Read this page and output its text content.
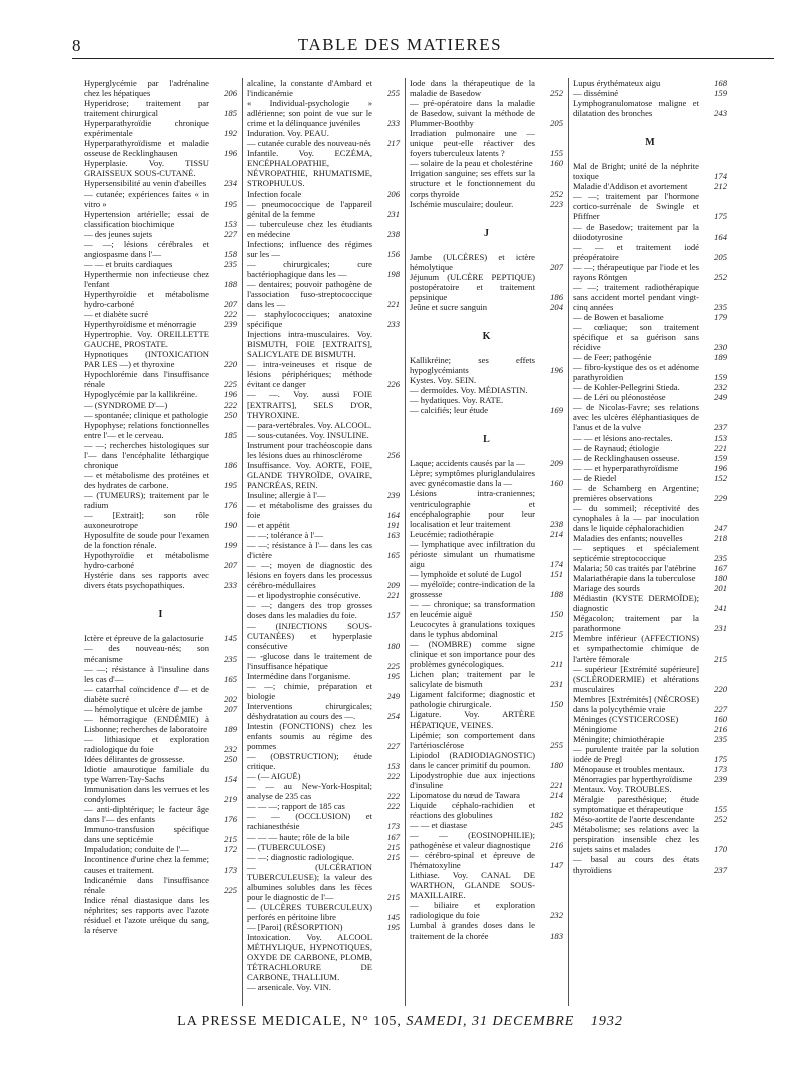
8	TABLE DES MATIERES
Hyperglycémie par l'adrénaline chez les hépatiques	206
Hyperidrose; traitement par traitement chirurgical	185
Hyperparathyroïdie chronique expérimentale	192
Hyperparathyroïdisme et maladie osseuse de Recklinghausen	196
Hyperplasie. Voy. TISSU GRAISSEUX SOUS-CUTANÉ.
Hypersensibilité au venin d'abeilles	234
— cutanée; expériences faites « in vitro »	195
Hypertension artérielle; essai de classification biochimique	153
— des jeunes sujets	227
— —; lésions cérébrales et angiospasme dans l'—	158
— — et bruits cardiaques	235
Hyperthermie non infectieuse chez l'enfant	188
Hyperthyroïdie et métabolisme hydro-carboné	207
— et diabète sucré	222
Hyperthyroïdisme et ménorragie	239
Hypertrophie. Voy. OREILLETTE GAUCHE, PROSTATE.
Hypnotiques (INTOXICATION PAR LES —) et thyroxine	220
Hypochlorémie dans l'insuffisance rénale	225
Hypoglycémie par la kallikréine.	196
— (SYNDROME D'—)	222
— spontanée; clinique et pathologie	250
Hypophyse; relations fonctionnelles entre l'— et le cerveau.	185
— —; recherches histologiques sur l'— dans l'encéphalite léthargique chronique	186
— et métabolisme des protéines et des hydrates de carbone.	195
— (TUMEURS); traitement par le radium	176
— [Extrait]; son rôle auxoneurotrope	190
Hyposulfite de soude pour l'examen de la fonction rénale.	199
Hypothyroïdie et métabolisme hydro-carboné	207
Hystérie dans ses rapports avec divers états psychopathiques.	233
I
Ictère et épreuve de la galactosurie	145
— des nouveau-nés; son mécanisme	235
— —; résistance à l'insuline dans les cas d'—	165
— catarrhal coïncidence d'— et de diabète sucré	202
— hémolytique et ulcère de jambe	207
— hémorragique (ENDÉMIE) à Lisbonne; recherches de laboratoire	189
— lithiasique et exploration radiologique du foie	232
Idées délirantes de grossesse.	250
Idiotie amaurotique familiale du type Warren-Tay-Sachs	154
Immunisation dans les verrues et les condylomes	219
— anti-diphtérique; le facteur âge dans l'— des enfants	176
Immuno-transfusion spécifique dans une septicémie	215
Impaludation; conduite de l'—	172
Incontinence d'urine chez la femme; causes et traitement.	173
Indicanémie dans l'insuffisance rénale	225
Indice rénal diastasique dans les néphrites; ses rapports avec l'azote résiduel et l'azote uréique du sang, la réserve
alcaline, la constante d'Ambard et l'indicanémie	255
« Individual-psychologie » adlérienne; son point de vue sur le crime et la délinquance juvéniles	233
Induration. Voy. PEAU.
— cutanée curable des nouveau-nés	217
Infantile. Voy. ECZÉMA, ENCÉPHALOPATHIE, NÉVROPATHIE, RHUMATISME, STROPHULUS.
Infection focale	206
— pneumococcique de l'appareil génital de la femme	231
— tuberculeuse chez les étudiants en médecine	238
Infections; influence des régimes sur les —	156
— chirurgicales; cure bactériophagique dans les —	198
— dentaires; pouvoir pathogène de l'association fuso-streptococcique dans les —	221
— staphylococciques; anatoxine spécifique	233
Injections intra-musculaires. Voy. BISMUTH, FOIE [EXTRAITS], SALICYLATE DE BISMUTH.
— intra-veineuses et risque de lésions périphériques; méthode évitant ce danger	226
— —. Voy. aussi FOIE [EXTRAITS], SELS D'OR, THYROXINE.
— para-vertébrales. Voy. ALCOOL.
— sous-cutanées. Voy. INSULINE.
Instrument pour trachéoscopie dans les lésions dues au rhinosclérome	256
Insuffisance. Voy. AORTE, FOIE, GLANDE THYROÏDE, OVAIRE, PANCRÉAS, REIN.
Insuline; allergie à l'—	239
— et métabolisme des graisses du foie	164
— et appétit	191
— —; tolérance à l'—	163
— —; résistance à l'— dans les cas d'ictère	165
— —; moyen de diagnostic des lésions en foyers dans les processus cérébro-médullaires	209
— et lipodystrophie consécutive.	221
— —; dangers des trop grosses doses dans les maladies du foie.	157
— (INJECTIONS SOUS-CUTANÉES) et hyperplasie consécutive	180
— -glucose dans le traitement de l'insuffisance hépatique	225
Intermédine dans l'organisme.	195
— —; chimie, préparation et biologie	249
Interventions chirurgicales; déshydratation au cours des —.	254
Intestin (FONCTIONS) chez les enfants soumis au régime des pommes	227
— (OBSTRUCTION); étude critique.	153
— (— AIGUË)	222
— — au New-York-Hospital; analyse de 235 cas	222
— — —; rapport de 185 cas	222
— — (OCCLUSION) et rachianesthésie	173
— — — haute; rôle de la bile	167
— (TUBERCULOSE)	215
— —; diagnostic radiologique.	215
— (ULCÉRATION TUBERCULEUSE); la valeur des albumines solubles dans les fèces pour le diagnostic de l'—	215
— (ULCÈRES TUBERCULEUX) perforés en péritoine libre	145
— [Paroi] (RÉSORPTION)	195
Intoxication. Voy. ALCOOL MÉTHYLIQUE, HYPNOTIQUES, OXYDE DE CARBONE, PLOMB, TÉTRACHLORURE DE CARBONE, THALLIUM.
— arsenicale. Voy. VIN.
Iode dans la thérapeutique de la maladie de Basedow	252
— pré-opératoire dans la maladie de Basedow, suivant la méthode de Plummer-Boothby	205
Irradiation pulmonaire une — unique peut-elle réactiver des foyers tuberculeux latents ?	155
— solaire de la peau et cholestérine	160
Irrigation sanguine; ses effets sur la structure et le fonctionnement du corps thyroïde	252
Ischémie musculaire; douleur.	223
J
Jambe (ULCÈRES) et ictère hémolytique	207
Jéjunum (ULCÈRE PEPTIQUE) postopératoire et traitement pepsinique	186
Jeûne et sucre sanguin	204
K
Kallikréine; ses effets hypoglycémiants	196
Kystes. Voy. SEIN.
— dermoïdes. Voy. MÉDIASTIN.
— hydatiques. Voy. RATE.
— calcifiés; leur étude	169
L
Laque; accidents causés par la —	209
Lèpre; symptômes pluriglandulaires avec gynécomastie dans la —	160
Lésions intra-craniennes; ventriculographie et encéphalographie pour leur localisation et leur traitement	238
Leucémie; radiothérapie	214
— lymphatique avec infiltration du périoste simulant un rhumatisme aigu	174
— lymphoïde et soluté de Lugol	151
— myéloïde; contre-indication de la grossesse	188
— — chronique; sa transformation en leucémie aiguë	150
Leucocytes à granulations toxiques dans le typhus abdominal	215
— (NOMBRE) comme signe clinique et son importance pour des problèmes gynécologiques.	211
Lichen plan; traitement par le salicylate de bismuth	231
Ligament falciforme; diagnostic et pathologie chirurgicale.	150
Ligature. Voy. ARTÈRE HÉPATIQUE, VEINES.
Lipémie; son comportement dans l'artériosclérose	255
Lipiodol (RADIODIAGNOSTIC) dans le cancer primitif du poumon.	180
Lipodystrophie due aux injections d'insuline	221
Lipomatose du nœud de Tawara	214
Liquide céphalo-rachidien et réactions des globulines	182
— — et diastase	245
— — (EOSINOPHILIE); pathogénèse et valeur diagnostique	216
— cérébro-spinal et épreuve de l'hématoxyline	147
Lithiase. Voy. CANAL DE WARTHON, GLANDE SOUS-MAXILLAIRE.
— biliaire et exploration radiologique du foie	232
Lumbal à grandes doses dans le traitement de la chorée	183
Lupus érythémateux aigu	168
— disséminé	159
Lymphogranulomatose maligne et dilatation des bronches	243
M
Mal de Bright; unité de la néphrite toxique	174
Maladie d'Addison et avortement	212
— —; traitement par l'hormone cortico-surrénale de Swingle et Pfiffner	175
— de Basedow; traitement par la diiodotyrosine	164
— — et traitement iodé préopératoire	205
— —; thérapeutique par l'iode et les rayons Röntgen	252
— —; traitement radiothérapique sans accident mortel pendant vingt-cinq années	235
— de Bowen et basaliome	179
— cœliaque; son traitement spécifique et sa guérison sans récidive	230
— de Feer; pathogénie	189
— fibro-kystique des os et adénome parathyroïdien	159
— de Kohler-Pellegrini Stieda.	232
— de Léri ou pléonostéose	249
— de Nicolas-Favre; ses relations avec les ulcères éléphantiasiques de l'anus et de la vulve	237
— — et lésions ano-rectales.	153
— de Raynaud; étiologie	221
— de Recklinghausen osseuse.	159
— — et hyperparathyroïdisme	196
— de Riedel	152
— de Schamberg en Argentine; premières observations	229
— du sommeil; réceptivité des cynophales à la — par inoculation dans le liquide céphalorachidien	247
Maladies des enfants; nouvelles	218
— septiques et spécialement septicémie streptococcique	235
Malaria; 50 cas traités par l'atébrine	167
Malariathérapie dans la tuberculose	180
Mariage des sourds	201
Médiastin (KYSTE DERMOÏDE); diagnostic	241
Mégacolon; traitement par la parathormone	231
Membre inférieur (AFFECTIONS) et sympathectomie chimique de l'artère fémorale	215
— supérieur [Extrémité supérieure] (SCLÉRODERMIE) et altérations musculaires	220
Membres [Extrémités] (NÉCROSE) dans la polycythémie vraie	227
Méninges (CYSTICERCOSE)	160
Méningiome	216
Méningite; chimiothérapie	235
— purulente traitée par la solution iodée de Pregl	175
Ménopause et troubles mentaux.	173
Ménorragies par hyperthyroïdisme	239
Mentaux. Voy. TROUBLES.
Méralgie paresthésique; étude symptomatique et thérapeutique	155
Méso-aortite de l'aorte descendante	252
Métabolisme; ses relations avec la perspiration insensible chez les sujets sains et malades	170
— basal au cours des états thyroïdiens	237
LA PRESSE MEDICALE, N° 105, SAMEDI, 31 DECEMBRE 1932
